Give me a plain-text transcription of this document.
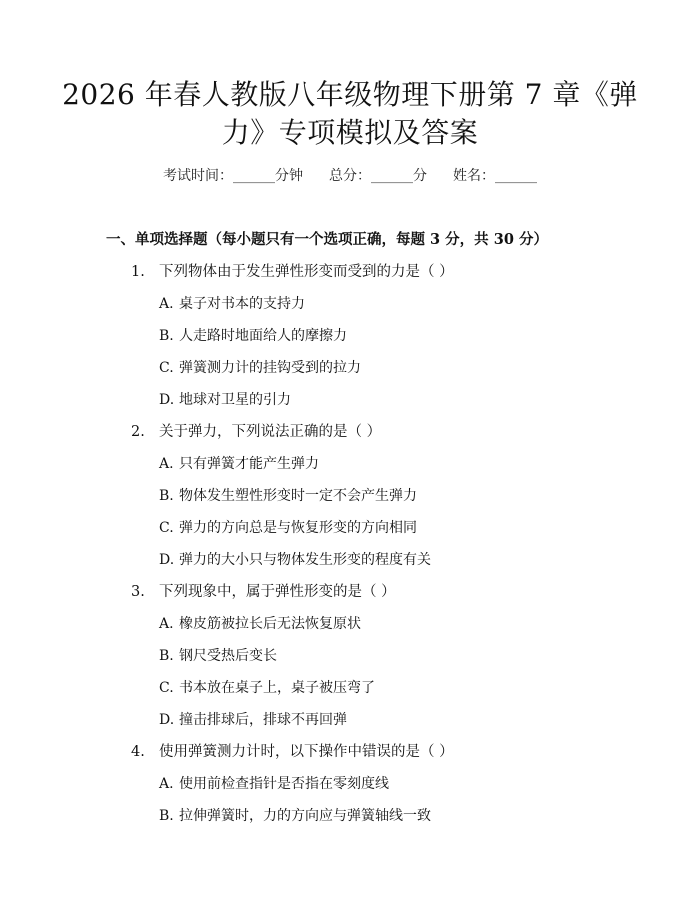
2026 年春人教版八年级物理下册第 7 章《弹
力》专项模拟及答案
考试时间：______分钟 总分：______分 姓名：______
一、单项选择题（每小题只有一个选项正确，每题 3 分，共 30 分）
1. 下列物体由于发生弹性形变而受到的力是（ ）
A. 桌子对书本的支持力
B. 人走路时地面给人的摩擦力
C. 弹簧测力计的挂钩受到的拉力
D. 地球对卫星的引力
2. 关于弹力，下列说法正确的是（ ）
A. 只有弹簧才能产生弹力
B. 物体发生塑性形变时一定不会产生弹力
C. 弹力的方向总是与恢复形变的方向相同
D. 弹力的大小只与物体发生形变的程度有关
3. 下列现象中，属于弹性形变的是（ ）
A. 橡皮筋被拉长后无法恢复原状
B. 钢尺受热后变长
C. 书本放在桌子上，桌子被压弯了
D. 撞击排球后，排球不再回弹
4. 使用弹簧测力计时，以下操作中错误的是（ ）
A. 使用前检查指针是否指在零刻度线
B. 拉伸弹簧时，力的方向应与弹簧轴线一致
